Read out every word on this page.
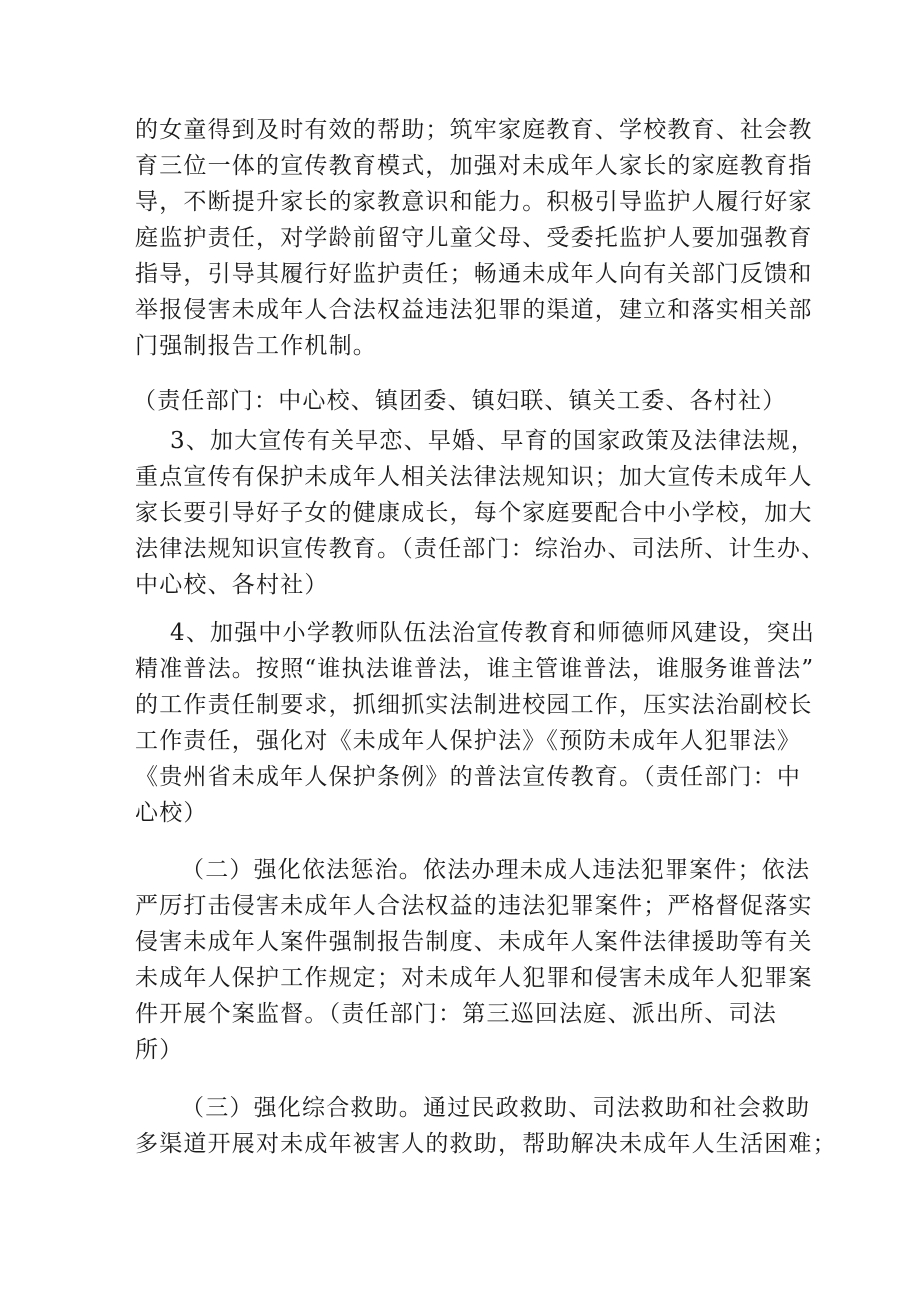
的女童得到及时有效的帮助；筑牢家庭教育、学校教育、社会教
育三位一体的宣传教育模式，加强对未成年人家长的家庭教育指
导，不断提升家长的家教意识和能力。积极引导监护人履行好家
庭监护责任，对学龄前留守儿童父母、受委托监护人要加强教育
指导，引导其履行好监护责任；畅通未成年人向有关部门反馈和
举报侵害未成年人合法权益违法犯罪的渠道，建立和落实相关部
门强制报告工作机制。
（责任部门：中心校、镇团委、镇妇联、镇关工委、各村社）
3、加大宣传有关早恋、早婚、早育的国家政策及法律法规，
重点宣传有保护未成年人相关法律法规知识；加大宣传未成年人
家长要引导好子女的健康成长，每个家庭要配合中小学校，加大
法律法规知识宣传教育。（责任部门：综治办、司法所、计生办、
中心校、各村社）
4、加强中小学教师队伍法治宣传教育和师德师风建设，突出
精准普法。按照“谁执法谁普法，谁主管谁普法，谁服务谁普法”
的工作责任制要求，抓细抓实法制进校园工作，压实法治副校长
工作责任，强化对《未成年人保护法》《预防未成年人犯罪法》
《贵州省未成年人保护条例》的普法宣传教育。（责任部门：中
心校）
（二）强化依法惩治。依法办理未成人违法犯罪案件；依法
严厉打击侵害未成年人合法权益的违法犯罪案件；严格督促落实
侵害未成年人案件强制报告制度、未成年人案件法律援助等有关
未成年人保护工作规定；对未成年人犯罪和侵害未成年人犯罪案
件开展个案监督。（责任部门：第三巡回法庭、派出所、司法
所）
（三）强化综合救助。通过民政救助、司法救助和社会救助
多渠道开展对未成年被害人的救助，帮助解决未成年人生活困难；
